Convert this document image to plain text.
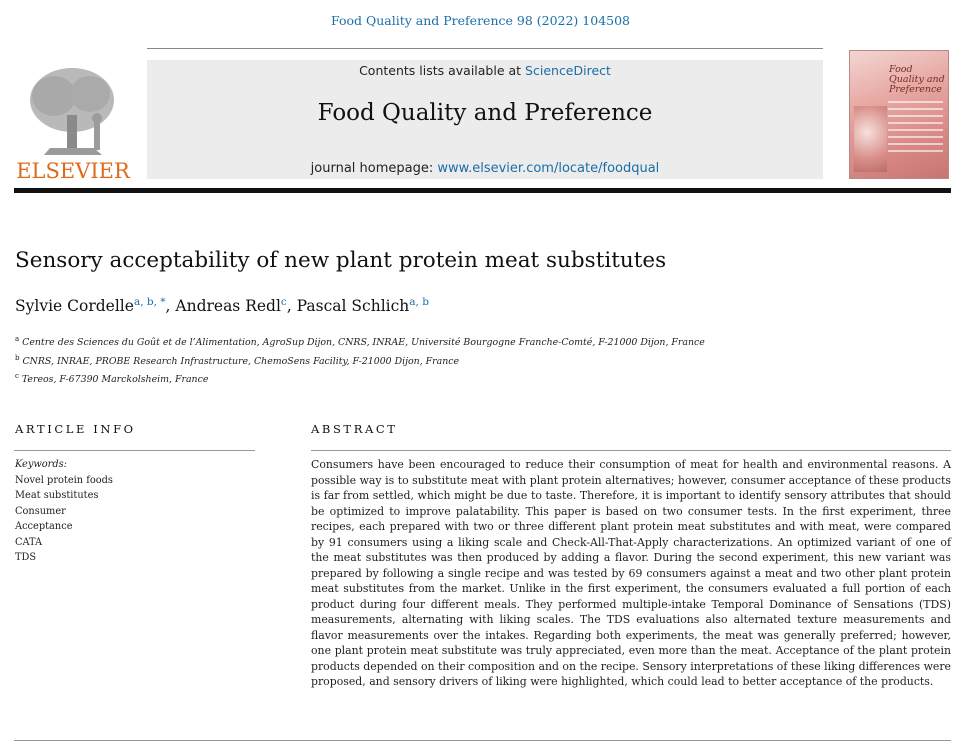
Food Quality and Preference 98 (2022) 104508
ELSEVIER
Contents lists available at ScienceDirect
Food Quality and Preference
journal homepage: www.elsevier.com/locate/foodqual
Food
Quality and
Preference
Sensory acceptability of new plant protein meat substitutes
Sylvie Cordelle$^{a, b, *}$, Andreas Redl$^c$, Pascal Schlich$^{a, b}$
$^a$ Centre des Sciences du Goût et de l’Alimentation, AgroSup Dijon, CNRS, INRAE, Université Bourgogne Franche-Comté, F-21000 Dijon, France
$^b$ CNRS, INRAE, PROBE Research Infrastructure, ChemoSens Facility, F-21000 Dijon, France
$^c$ Tereos, F-67390 Marckolsheim, France
ARTICLE INFO	ABSTRACT
Keywords:
Novel protein foods
Meat substitutes
Consumer
Acceptance
CATA
TDS
Consumers have been encouraged to reduce their consumption of meat for health and environmental reasons. A possible way is to substitute meat with plant protein alternatives; however, consumer acceptance of these products is far from settled, which might be due to taste. Therefore, it is important to identify sensory attributes that should be optimized to improve palatability. This paper is based on two consumer tests. In the first experiment, three recipes, each prepared with two or three different plant protein meat substitutes and with meat, were compared by 91 consumers using a liking scale and Check-All-That-Apply characterizations. An optimized variant of one of the meat substitutes was then produced by adding a flavor. During the second experiment, this new variant was prepared by following a single recipe and was tested by 69 consumers against a meat and two other plant protein meat substitutes from the market. Unlike in the first experiment, the consumers evaluated a full portion of each product during four different meals. They performed multiple-intake Temporal Dominance of Sensations (TDS) measurements, alternating with liking scales. The TDS evaluations also alternated texture measurements and flavor measurements over the intakes. Regarding both experiments, the meat was generally preferred; however, one plant protein meat substitute was truly appreciated, even more than the meat. Acceptance of the plant protein products depended on their composition and on the recipe. Sensory interpretations of these liking differences were proposed, and sensory drivers of liking were highlighted, which could lead to better acceptance of the products.
